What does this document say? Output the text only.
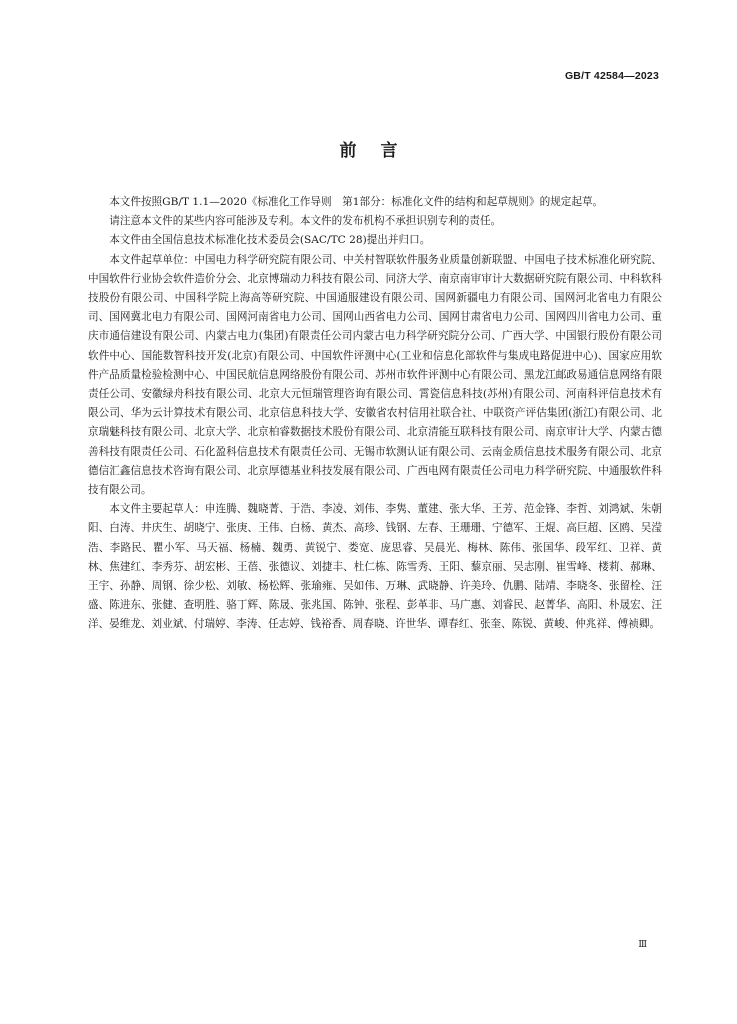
GB/T 42584—2023
前言

本文件按照GB/T 1.1—2020《标准化工作导则　第1部分：标准化文件的结构和起草规则》的规定起草。

请注意本文件的某些内容可能涉及专利。本文件的发布机构不承担识别专利的责任。

本文件由全国信息技术标准化技术委员会(SAC/TC 28)提出并归口。

本文件起草单位：中国电力科学研究院有限公司、中关村智联软件服务业质量创新联盟、中国电子技术标准化研究院、中国软件行业协会软件造价分会、北京博瑞动力科技有限公司、同济大学、南京南审审计大数据研究院有限公司、中科软科技股份有限公司、中国科学院上海高等研究院、中国通服建设有限公司、国网新疆电力有限公司、国网河北省电力有限公司、国网冀北电力有限公司、国网河南省电力公司、国网山西省电力公司、国网甘肃省电力公司、国网四川省电力公司、重庆市通信建设有限公司、内蒙古电力(集团)有限责任公司内蒙古电力科学研究院分公司、广西大学、中国银行股份有限公司软件中心、国能数智科技开发(北京)有限公司、中国软件评测中心(工业和信息化部软件与集成电路促进中心)、国家应用软件产品质量检验检测中心、中国民航信息网络股份有限公司、苏州市软件评测中心有限公司、黑龙江邮政易通信息网络有限责任公司、安徽绿舟科技有限公司、北京大元恒瑞管理咨询有限公司、霄瓷信息科技(苏州)有限公司、河南科评信息技术有限公司、华为云计算技术有限公司、北京信息科技大学、安徽省农村信用社联合社、中联资产评估集团(浙江)有限公司、北京瑞魅科技有限公司、北京大学、北京柏睿数据技术股份有限公司、北京清能互联科技有限公司、南京审计大学、内蒙古德善科技有限责任公司、石化盈科信息技术有限责任公司、无锡市软测认证有限公司、云南金质信息技术服务有限公司、北京德信汇鑫信息技术咨询有限公司、北京厚德基业科技发展有限公司、广西电网有限责任公司电力科学研究院、中通服软件科技有限公司。

本文件主要起草人：申连腾、魏晓菁、于浩、李凌、刘伟、李隽、董建、张大华、王芳、范金锋、李哲、刘鸿斌、朱朝阳、白涛、井庆生、胡晓宁、张庚、王伟、白杨、黄杰、高珍、钱钢、左春、王珊珊、宁德军、王焜、高巨超、区鸥、吴滢浩、李路民、瞿小军、马天福、杨楠、魏勇、黄锐宁、娄宽、庞思睿、吴晨光、梅林、陈伟、张国华、段军红、卫祥、黄林、焦建红、李秀芬、胡宏彬、王蓓、张德议、刘捷丰、杜仁栋、陈雪秀、王阳、藜京丽、吴志刚、崔雪峰、楼莉、郝琳、王宇、孙静、周钢、徐少松、刘敏、杨松辉、张瑜雍、吴如伟、万琳、武晓静、许美玲、仇鹏、陆靖、李晓冬、张留栓、汪盛、陈进东、张健、查明胜、骆丁辉、陈晟、张兆国、陈钟、张程、彭革非、马广惠、刘睿民、赵菁华、高阳、朴晟宏、汪洋、晏维龙、刘业斌、付瑞婷、李涛、任志婷、钱裕香、周春晓、许世华、谭春红、张奎、陈锐、黄峻、仲兆祥、傅祯卿。

Ⅲ
